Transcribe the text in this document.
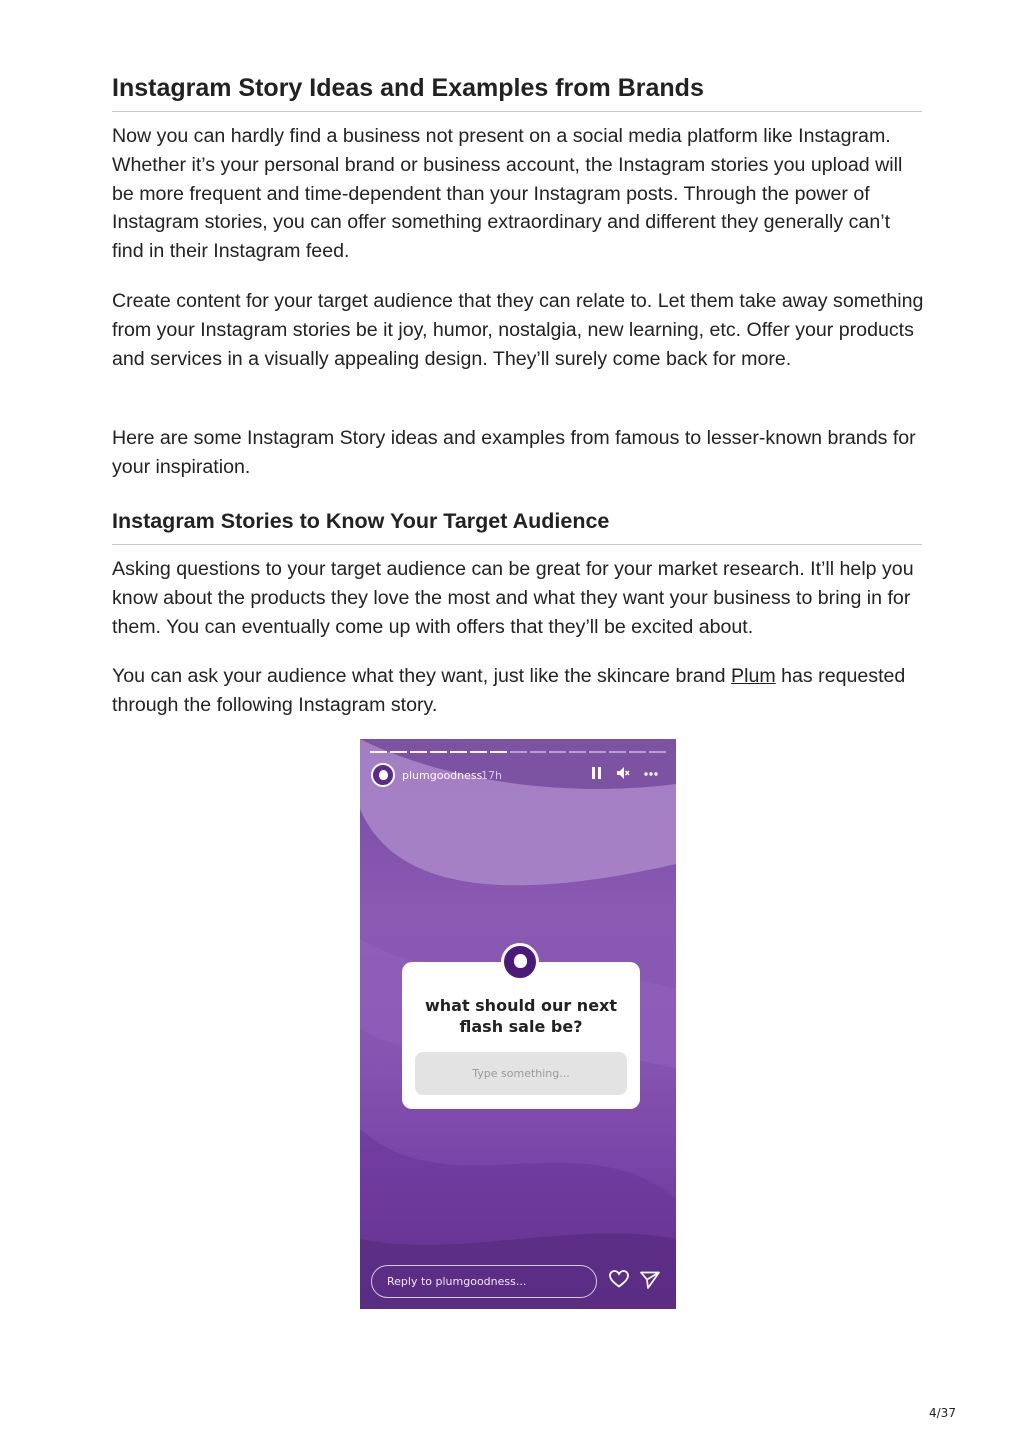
Instagram Story Ideas and Examples from Brands

Now you can hardly find a business not present on a social media platform like Instagram. Whether it’s your personal brand or business account, the Instagram stories you upload will be more frequent and time-dependent than your Instagram posts. Through the power of Instagram stories, you can offer something extraordinary and different they generally can’t find in their Instagram feed.

Create content for your target audience that they can relate to. Let them take away something from your Instagram stories be it joy, humor, nostalgia, new learning, etc. Offer your products and services in a visually appealing design. They’ll surely come back for more.

Here are some Instagram Story ideas and examples from famous to lesser-known brands for your inspiration.

Instagram Stories to Know Your Target Audience

Asking questions to your target audience can be great for your market research. It’ll help you know about the products they love the most and what they want your business to bring in for them. You can eventually come up with offers that they’ll be excited about.

You can ask your audience what they want, just like the skincare brand Plum has requested through the following Instagram story.

plumgoodness
17h
what should our next flash sale be?
Type something...
Reply to plumgoodness...
4/37
